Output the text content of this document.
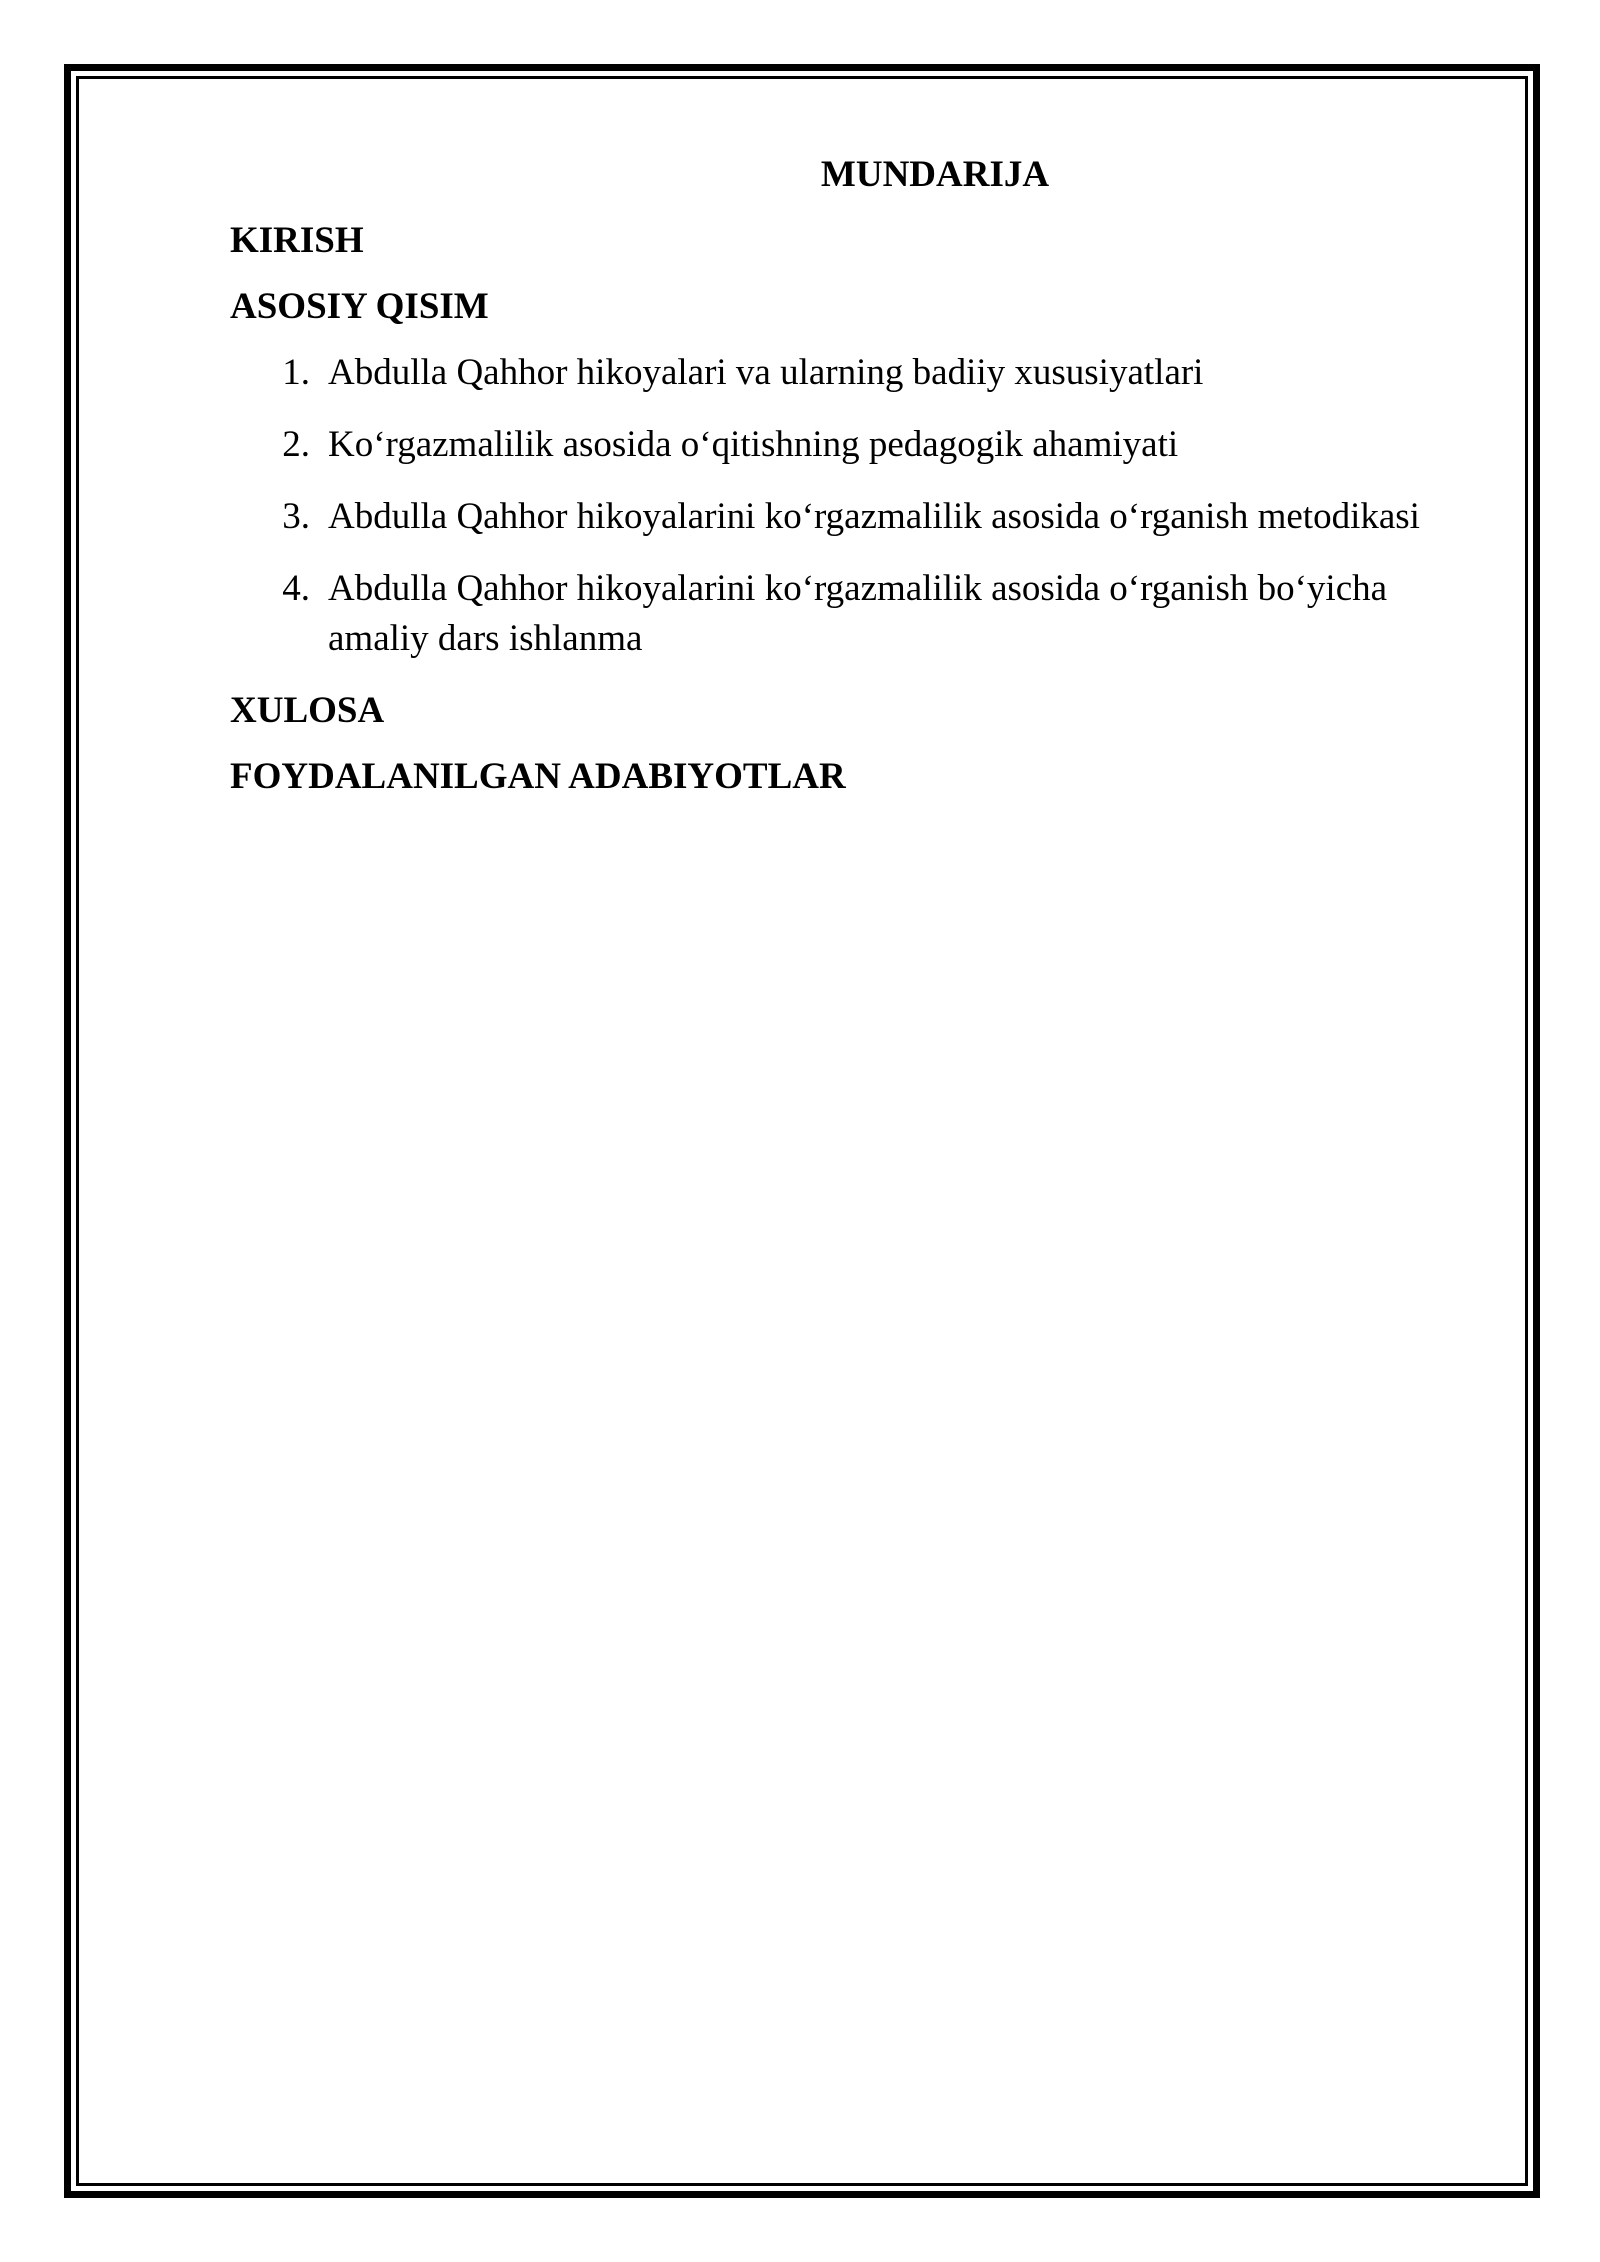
MUNDARIJA
KIRISH
ASOSIY QISIM
1. Abdulla Qahhor hikoyalari va ularning badiiy xususiyatlari
2. Ko‘rgazmalilik asosida o‘qitishning pedagogik ahamiyati
3. Abdulla Qahhor hikoyalarini ko‘rgazmalilik asosida o‘rganish metodikasi
4. Abdulla Qahhor hikoyalarini ko‘rgazmalilik asosida o‘rganish bo‘yicha amaliy dars ishlanma
XULOSA
FOYDALANILGAN ADABIYOTLAR
